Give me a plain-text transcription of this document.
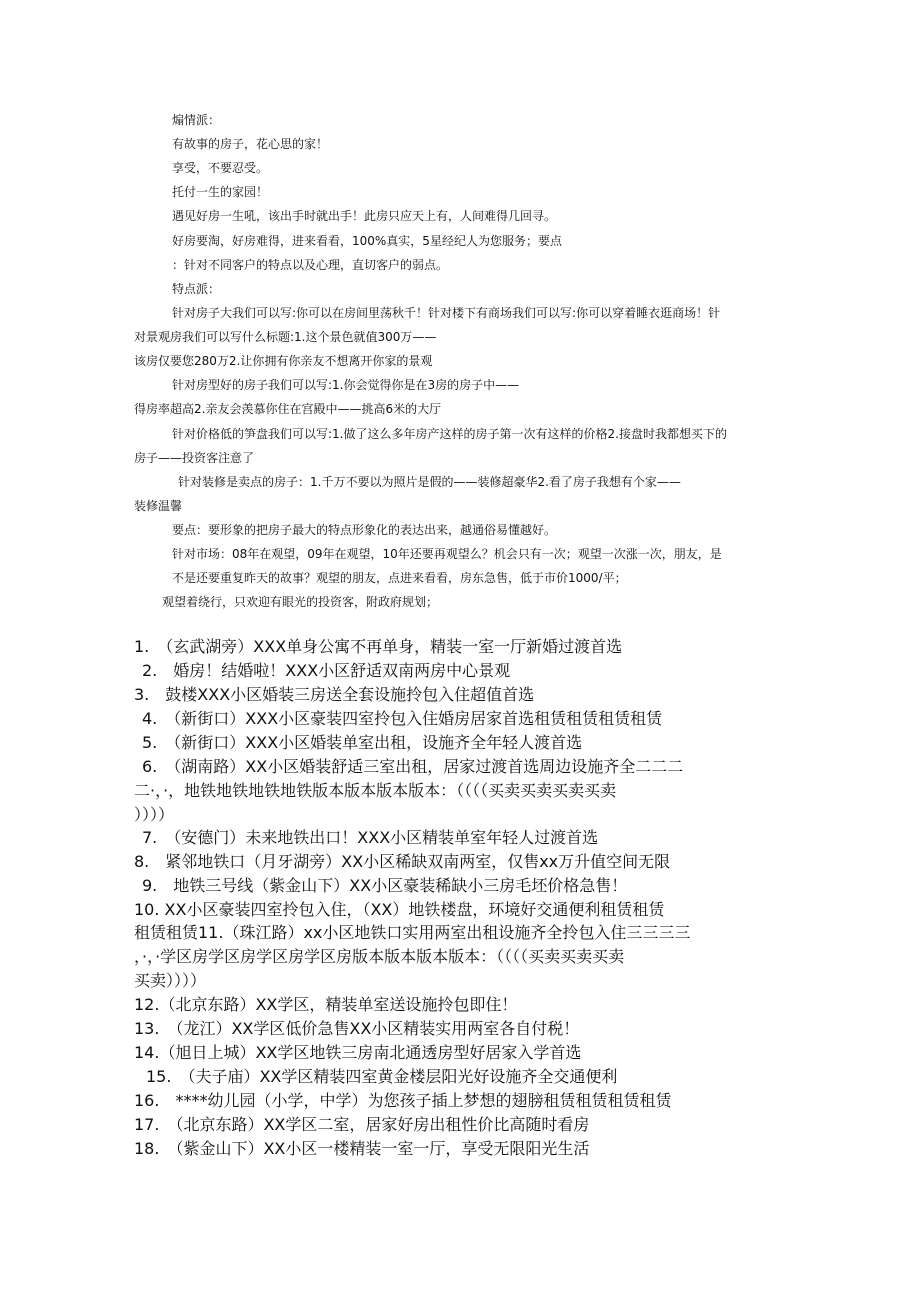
煽情派：
有故事的房子，花心思的家！
享受，不要忍受。
托付一生的家园！
遇见好房一生吼，该出手时就出手！此房只应天上有，人间难得几回寻。
好房要淘，好房难得，进来看看，100%真实，5星经纪人为您服务；要点
：针对不同客户的特点以及心理，直切客户的弱点。
特点派：
针对房子大我们可以写:你可以在房间里荡秋千！针对楼下有商场我们可以写:你可以穿着睡衣逛商场！针
对景观房我们可以写什么标题:1.这个景色就值300万——
该房仅要您280万2.让你拥有你亲友不想离开你家的景观
针对房型好的房子我们可以写:1.你会觉得你是在3房的房子中——
得房率超高2.亲友会羡慕你住在宫殿中——挑高6米的大厅
针对价格低的笋盘我们可以写:1.做了这么多年房产这样的房子第一次有这样的价格2.接盘时我都想买下的
房子——投资客注意了
针对装修是卖点的房子：1.千万不要以为照片是假的——装修超豪华2.看了房子我想有个家——
装修温馨
要点：要形象的把房子最大的特点形象化的表达出来，越通俗易懂越好。
针对市场：08年在观望，09年在观望，10年还要再观望么？机会只有一次；观望一次涨一次，朋友，是
不是还要重复昨天的故事？观望的朋友，点进来看看，房东急售，低于市价1000/平；
观望着绕行，只欢迎有眼光的投资客，附政府规划；
1.　（玄武湖旁）XXX单身公寓不再单身，精装一室一厅新婚过渡首选
2.　婚房！结婚啦！XXX小区舒适双南两房中心景观
3.　鼓楼XXX小区婚装三房送全套设施拎包入住超值首选
4.　（新街口）XXX小区豪装四室拎包入住婚房居家首选租赁租赁租赁租赁
5.　（新街口）XXX小区婚装单室出租，设施齐全年轻人渡首选
6.　（湖南路）XX小区婚装舒适三室出租，居家过渡首选周边设施齐全二二二
二·，·，地铁地铁地铁地铁版本版本版本版本：（（（（买卖买卖买卖买卖
））））
7.　（安德门）未来地铁出口！XXX小区精装单室年轻人过渡首选
8.　紧邻地铁口（月牙湖旁）XX小区稀缺双南两室，仅售xx万升值空间无限
9.　地铁三号线（紫金山下）XX小区豪装稀缺小三房毛坯价格急售！
10. XX小区豪装四室拎包入住，（XX）地铁楼盘，环境好交通便利租赁租赁
租赁租赁11.（珠江路）xx小区地铁口实用两室出租设施齐全拎包入住三三三三
，·，·学区房学区房学区房学区房版本版本版本版本：（（（（买卖买卖买卖
买卖））））
12.（北京东路）XX学区，精装单室送设施拎包即住！
13.　（龙江）XX学区低价急售XX小区精装实用两室各自付税！
14.（旭日上城）XX学区地铁三房南北通透房型好居家入学首选
15.　（夫子庙）XX学区精装四室黄金楼层阳光好设施齐全交通便利
16.　****幼儿园（小学，中学）为您孩子插上梦想的翅膀租赁租赁租赁租赁
17.　（北京东路）XX学区二室，居家好房出租性价比高随时看房
18.　（紫金山下）XX小区一楼精装一室一厅，享受无限阳光生活
